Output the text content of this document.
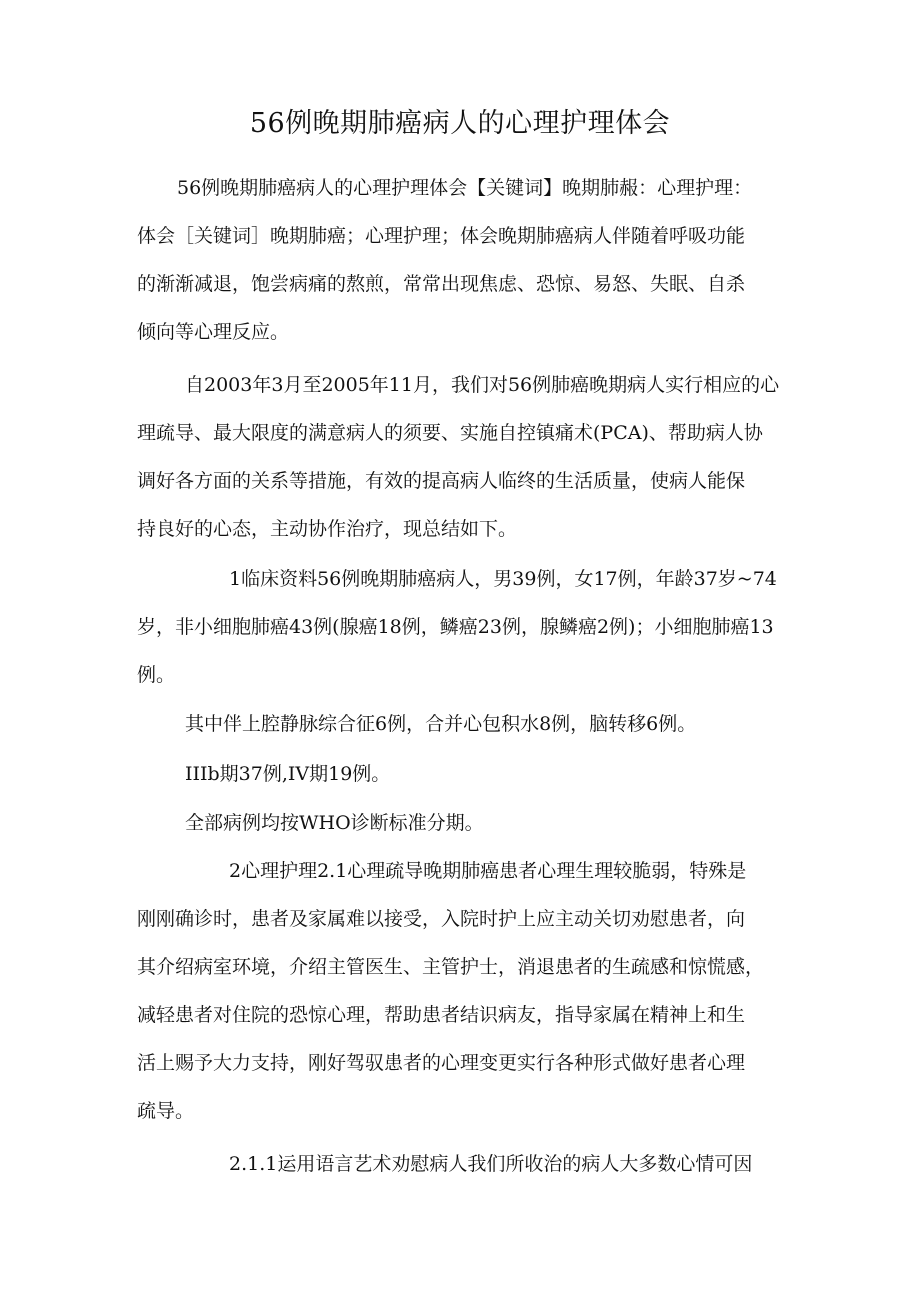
56例晚期肺癌病人的心理护理体会
56例晚期肺癌病人的心理护理体会【关键词】晚期肺赧：心理护理：
体会［关键词］晚期肺癌；心理护理；体会晚期肺癌病人伴随着呼吸功能
的渐渐减退，饱尝病痛的熬煎，常常出现焦虑、恐惊、易怒、失眠、自杀
倾向等心理反应。
自2003年3月至2005年11月，我们对56例肺癌晚期病人实行相应的心
理疏导、最大限度的满意病人的须要、实施自控镇痛术(PCA)、帮助病人协
调好各方面的关系等措施，有效的提高病人临终的生活质量，使病人能保
持良好的心态，主动协作治疗，现总结如下。
1临床资料56例晚期肺癌病人，男39例，女17例，年龄37岁~74
岁，非小细胞肺癌43例(腺癌18例，鳞癌23例，腺鳞癌2例)；小细胞肺癌13
例。
其中伴上腔静脉综合征6例，合并心包积水8例，脑转移6例。
IIIb期37例,IV期19例。
全部病例均按WHO诊断标准分期。
2心理护理2.1心理疏导晚期肺癌患者心理生理较脆弱，特殊是
刚刚确诊时，患者及家属难以接受，入院时护上应主动关切劝慰患者，向
其介绍病室环境，介绍主管医生、主管护士，消退患者的生疏感和惊慌感，
减轻患者对住院的恐惊心理，帮助患者结识病友，指导家属在精神上和生
活上赐予大力支持，刚好驾驭患者的心理变更实行各种形式做好患者心理
疏导。
2.1.1运用语言艺术劝慰病人我们所收治的病人大多数心情可因
